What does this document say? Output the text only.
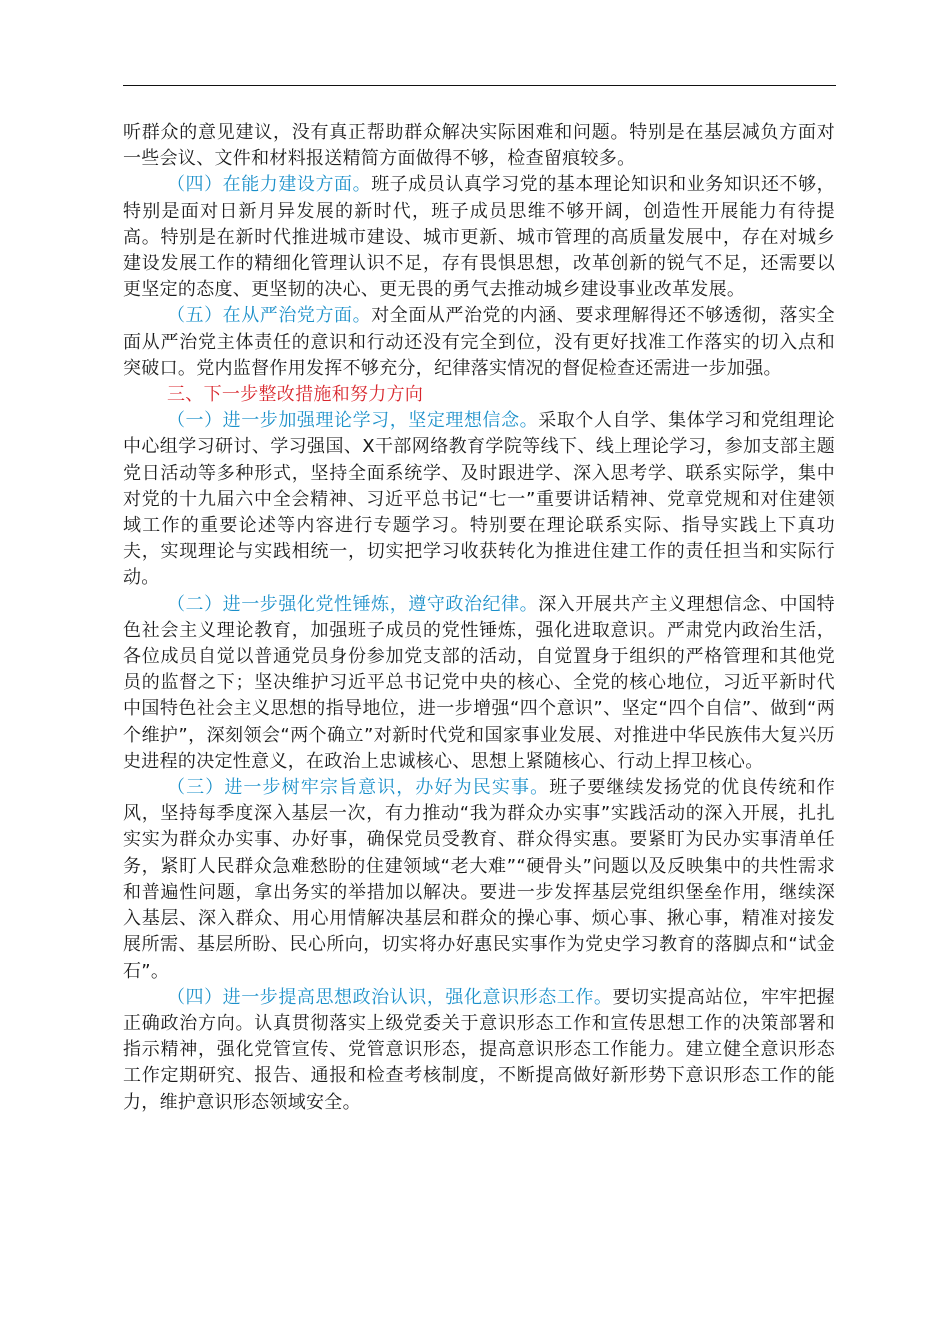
听群众的意见建议，没有真正帮助群众解决实际困难和问题。特别是在基层减负方面对一些会议、文件和材料报送精简方面做得不够，检查留痕较多。

（四）在能力建设方面。班子成员认真学习党的基本理论知识和业务知识还不够，特别是面对日新月异发展的新时代，班子成员思维不够开阔，创造性开展能力有待提高。特别是在新时代推进城市建设、城市更新、城市管理的高质量发展中，存在对城乡建设发展工作的精细化管理认识不足，存有畏惧思想，改革创新的锐气不足，还需要以更坚定的态度、更坚韧的决心、更无畏的勇气去推动城乡建设事业改革发展。

（五）在从严治党方面。对全面从严治党的内涵、要求理解得还不够透彻，落实全面从严治党主体责任的意识和行动还没有完全到位，没有更好找准工作落实的切入点和突破口。党内监督作用发挥不够充分，纪律落实情况的督促检查还需进一步加强。

三、下一步整改措施和努力方向

（一）进一步加强理论学习，坚定理想信念。采取个人自学、集体学习和党组理论中心组学习研讨、学习强国、X干部网络教育学院等线下、线上理论学习，参加支部主题党日活动等多种形式，坚持全面系统学、及时跟进学、深入思考学、联系实际学，集中对党的十九届六中全会精神、习近平总书记“七一”重要讲话精神、党章党规和对住建领域工作的重要论述等内容进行专题学习。特别要在理论联系实际、指导实践上下真功夫，实现理论与实践相统一，切实把学习收获转化为推进住建工作的责任担当和实际行动。

（二）进一步强化党性锤炼，遵守政治纪律。深入开展共产主义理想信念、中国特色社会主义理论教育，加强班子成员的党性锤炼，强化进取意识。严肃党内政治生活，各位成员自觉以普通党员身份参加党支部的活动，自觉置身于组织的严格管理和其他党员的监督之下；坚决维护习近平总书记党中央的核心、全党的核心地位，习近平新时代中国特色社会主义思想的指导地位，进一步增强“四个意识”、坚定“四个自信”、做到“两个维护”，深刻领会“两个确立”对新时代党和国家事业发展、对推进中华民族伟大复兴历史进程的决定性意义，在政治上忠诚核心、思想上紧随核心、行动上捍卫核心。

（三）进一步树牢宗旨意识，办好为民实事。班子要继续发扬党的优良传统和作风，坚持每季度深入基层一次，有力推动“我为群众办实事”实践活动的深入开展，扎扎实实为群众办实事、办好事，确保党员受教育、群众得实惠。要紧盯为民办实事清单任务，紧盯人民群众急难愁盼的住建领域“老大难”“硬骨头”问题以及反映集中的共性需求和普遍性问题，拿出务实的举措加以解决。要进一步发挥基层党组织堡垒作用，继续深入基层、深入群众、用心用情解决基层和群众的操心事、烦心事、揪心事，精准对接发展所需、基层所盼、民心所向，切实将办好惠民实事作为党史学习教育的落脚点和“试金石”。

（四）进一步提高思想政治认识，强化意识形态工作。要切实提高站位，牢牢把握正确政治方向。认真贯彻落实上级党委关于意识形态工作和宣传思想工作的决策部署和指示精神，强化党管宣传、党管意识形态，提高意识形态工作能力。建立健全意识形态工作定期研究、报告、通报和检查考核制度，不断提高做好新形势下意识形态工作的能力，维护意识形态领域安全。
